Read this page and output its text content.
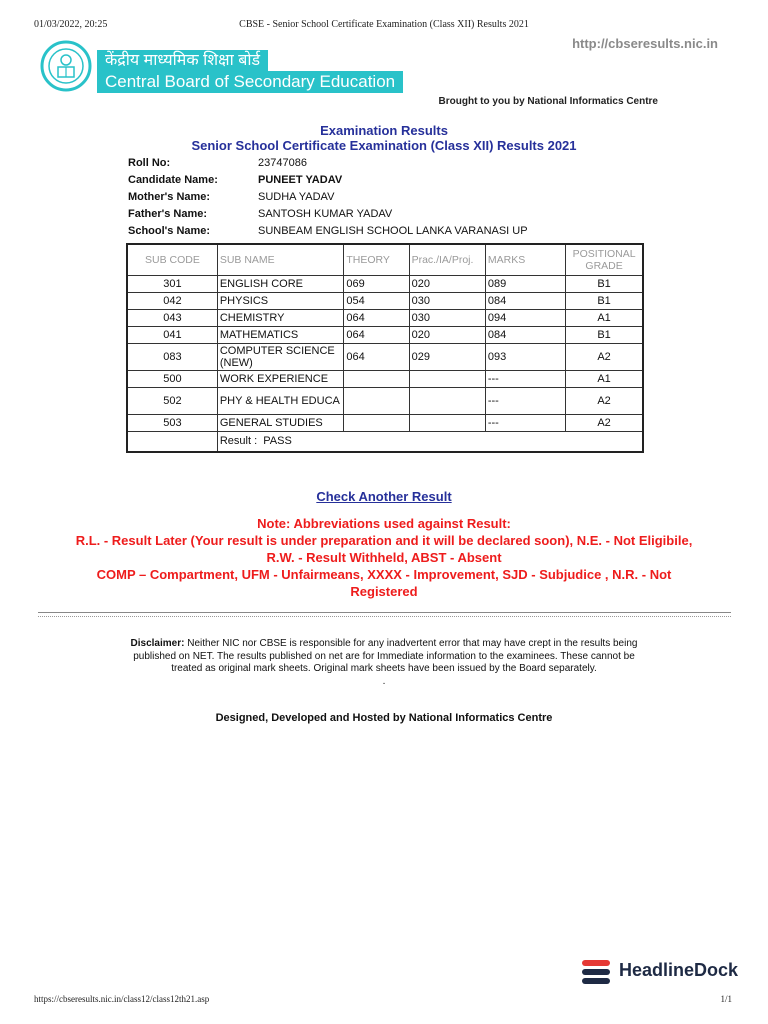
01/03/2022, 20:25	CBSE - Senior School Certificate Examination (Class XII) Results 2021
http://cbseresults.nic.in
केंद्रीय माध्यमिक शिक्षा बोर्ड
Central Board of Secondary Education
Brought to you by National Informatics Centre
Examination Results
Senior School Certificate Examination (Class XII) Results 2021
Roll No:	23747086
Candidate Name:	PUNEET YADAV
Mother's Name:	SUDHA YADAV
Father's Name:	SANTOSH KUMAR YADAV
School's Name:	SUNBEAM ENGLISH SCHOOL LANKA VARANASI UP
SUB CODE	SUB NAME	THEORY	Prac./IA/Proj.	MARKS	POSITIONAL
GRADE
301	ENGLISH CORE	069	020	089	B1
042	PHYSICS	054	030	084	B1
043	CHEMISTRY	064	030	094	A1
041	MATHEMATICS	064	020	084	B1
083	COMPUTER SCIENCE (NEW)	064	029	093	A2
500	WORK EXPERIENCE			---	A1
502	PHY & HEALTH EDUCA			---	A2
503	GENERAL STUDIES			---	A2
	Result : PASS				
Check Another Result
Note: Abbreviations used against Result:
R.L. - Result Later (Your result is under preparation and it will be declared soon), N.E. - Not Eligibile,
R.W. - Result Withheld, ABST - Absent
COMP – Compartment, UFM - Unfairmeans, XXXX - Improvement, SJD - Subjudice , N.R. - Not
Registered
Disclaimer: Neither NIC nor CBSE is responsible for any inadvertent error that may have crept in the results being published on NET. The results published on net are for Immediate information to the examinees. These cannot be treated as original mark sheets. Original mark sheets have been issued by the Board separately.
.
Designed, Developed and Hosted by National Informatics Centre
HeadlineDock
https://cbseresults.nic.in/class12/class12th21.asp	1/1
